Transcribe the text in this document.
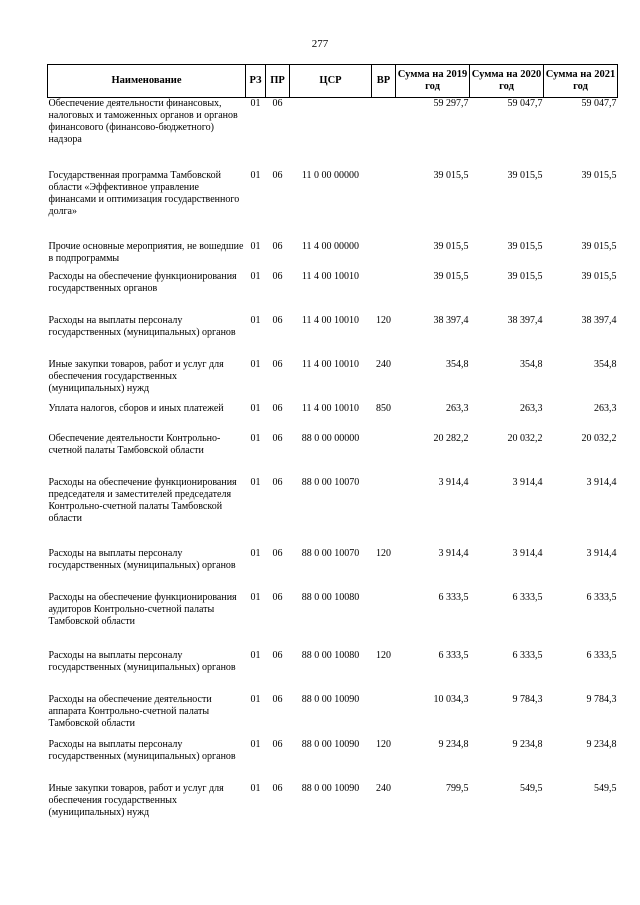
277
Наименование	РЗ	ПР	ЦСР	ВР	Сумма на 2019 год	Сумма на 2020 год	Сумма на 2021 год
Обеспечение деятельности финансовых, налоговых и таможенных органов и органов финансового (финансово-бюджетного) надзора	01	06			59 297,7	59 047,7	59 047,7
Государственная программа Тамбовской области «Эффективное управление финансами и оптимизация государственного долга»	01	06	11 0 00 00000		39 015,5	39 015,5	39 015,5
Прочие основные мероприятия, не вошедшие в подпрограммы	01	06	11 4 00 00000		39 015,5	39 015,5	39 015,5
Расходы на обеспечение функционирования государственных органов	01	06	11 4 00 10010		39 015,5	39 015,5	39 015,5
Расходы на выплаты персоналу государственных (муниципальных) органов	01	06	11 4 00 10010	120	38 397,4	38 397,4	38 397,4
Иные закупки товаров, работ и услуг для обеспечения государственных (муниципальных) нужд	01	06	11 4 00 10010	240	354,8	354,8	354,8
Уплата налогов, сборов и иных платежей	01	06	11 4 00 10010	850	263,3	263,3	263,3
Обеспечение деятельности Контрольно-счетной палаты Тамбовской области	01	06	88 0 00 00000		20 282,2	20 032,2	20 032,2
Расходы на обеспечение функционирования председателя и заместителей председателя Контрольно-счетной палаты Тамбовской области	01	06	88 0 00 10070		3 914,4	3 914,4	3 914,4
Расходы на выплаты персоналу государственных (муниципальных) органов	01	06	88 0 00 10070	120	3 914,4	3 914,4	3 914,4
Расходы на обеспечение функционирования аудиторов Контрольно-счетной палаты Тамбовской области	01	06	88 0 00 10080		6 333,5	6 333,5	6 333,5
Расходы на выплаты персоналу государственных (муниципальных) органов	01	06	88 0 00 10080	120	6 333,5	6 333,5	6 333,5
Расходы на обеспечение деятельности аппарата Контрольно-счетной палаты Тамбовской области	01	06	88 0 00 10090		10 034,3	9 784,3	9 784,3
Расходы на выплаты персоналу государственных (муниципальных) органов	01	06	88 0 00 10090	120	9 234,8	9 234,8	9 234,8
Иные закупки товаров, работ и услуг для обеспечения государственных (муниципальных) нужд	01	06	88 0 00 10090	240	799,5	549,5	549,5
